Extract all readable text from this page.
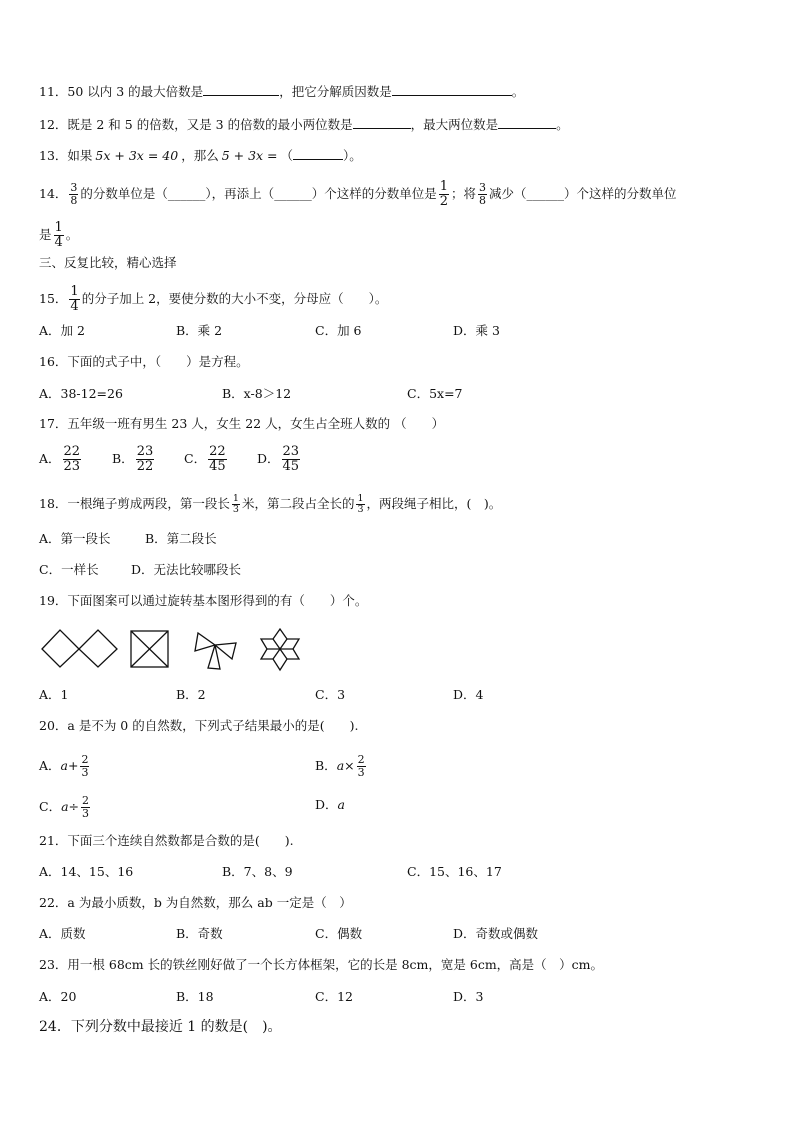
11．50 以内 3 的最大倍数是	，把它分解质因数是	。
12．既是 2 和 5 的倍数，又是 3 的倍数的最小两位数是	，最大两位数是	。
13．如果 5x + 3x = 40 ，那么 5 + 3x = （	）。
14． $\frac{3}{8}$ 的分数单位是（______），再添上（______）个这样的分数单位是 $\frac{1}{2}$ ；将 $\frac{3}{8}$ 减少（______）个这样的分数单位
是 $\frac{1}{4}$ 。
三、反复比较，精心选择
15． $\frac{1}{4}$ 的分子加上 2，要使分数的大小不变，分母应（　　）。
A．加 2	B．乘 2	C．加 6	D．乘 3
16．下面的式子中，（　　）是方程。
A．38-12=26	B．x-8＞12	C．5x=7
17．五年级一班有男生 23 人，女生 22 人，女生占全班人数的 （　　）
A． $\frac{22}{23}$ B． $\frac{23}{22}$ C． $\frac{22}{45}$ D． $\frac{23}{45}$
18．一根绳子剪成两段，第一段长 $\frac{1}{3}$ 米，第二段占全长的 $\frac{1}{3}$ ，两段绳子相比，(　)。
A．第一段长	B．第二段长
C．一样长	D．无法比较哪段长
19．下面图案可以通过旋转基本图形得到的有（　　）个。
A．1	B．2	C．3	D．4
20．a 是不为 0 的自然数，下列式子结果最小的是(　　).
A．$a+ \frac{2}{3}$	B．$a\times \frac{2}{3}$
C．$a\div \frac{2}{3}$	D．a
21．下面三个连续自然数都是合数的是(　　).
A．14、15、16	B．7、8、9	C．15、16、17
22．a 为最小质数，b 为自然数，那么 ab 一定是（　）
A．质数	B．奇数	C．偶数	D．奇数或偶数
23．用一根 68cm 长的铁丝刚好做了一个长方体框架，它的长是 8cm，宽是 6cm，高是（　）cm。
A．20	B．18	C．12	D．3
24．下列分数中最接近 1 的数是(　)。
